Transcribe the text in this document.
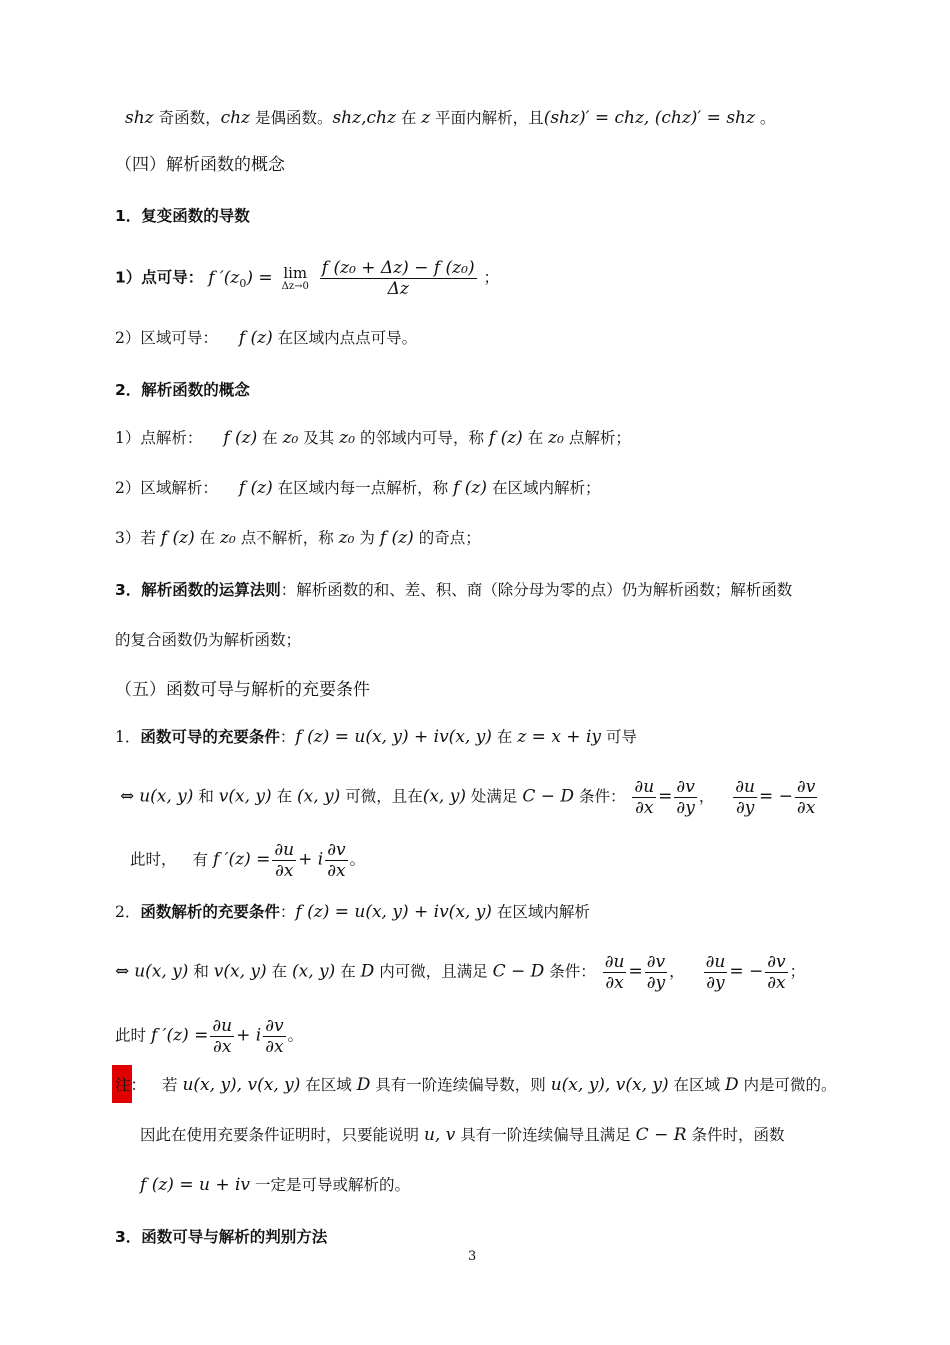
shz 奇函数，chz 是偶函数。shz,chz 在 z 平面内解析，且(shz)′ = chz, (chz)′ = shz 。
（四）解析函数的概念
1．复变函数的导数
1）点可导： f $'(z_0) = \lim$
Δz→0
$\frac{\text{f (z₀ + Δz) − f (z₀)}}{\Delta z}$ ；
2）区域可导： f (z) 在区域内点点可导。
2．解析函数的概念
1）点解析： f (z) 在 z₀ 及其 z₀ 的邻域内可导，称 f (z) 在 z₀ 点解析；
2）区域解析： f (z) 在区域内每一点解析，称 f (z) 在区域内解析；
3）若 f (z) 在 z₀ 点不解析，称 z₀ 为 f (z) 的奇点；
3．解析函数的运算法则：解析函数的和、差、积、商（除分母为零的点）仍为解析函数；解析函数
的复合函数仍为解析函数；
（五）函数可导与解析的充要条件
1．函数可导的充要条件：f (z) = u(x, y) + iv(x, y) 在 z = x + iy 可导
⇔ u(x, y) 和 v(x, y) 在 (x, y) 可微，且在(x, y) 处满足 C − D 条件： $\frac{\partial u}{\partial x} = \frac{\partial v}{\partial y}$ ， $\frac{\partial u}{\partial y}$ = − $\frac{\partial v}{\partial x}$
此时， 有 f $'(z) = \frac{\partial u}{\partial x} + i \frac{\partial v}{\partial x}$ 。
2．函数解析的充要条件：f (z) = u(x, y) + iv(x, y) 在区域内解析
⇔ u(x, y) 和 v(x, y) 在 (x, y) 在 D 内可微，且满足 C − D 条件： $\frac{\partial u}{\partial x} = \frac{\partial v}{\partial y}$ ， $\frac{\partial u}{\partial y}$ = − $\frac{\partial v}{\partial x}$ ；
此时 f $'(z) = \frac{\partial u}{\partial x} + i \frac{\partial v}{\partial x}$ 。
注： 若 u(x, y), v(x, y) 在区域 D 具有一阶连续偏导数，则 u(x, y), v(x, y) 在区域 D 内是可微的。
因此在使用充要条件证明时，只要能说明 u, v 具有一阶连续偏导且满足 C − R 条件时，函数
f (z) = u + iv 一定是可导或解析的。
3．函数可导与解析的判别方法
3
